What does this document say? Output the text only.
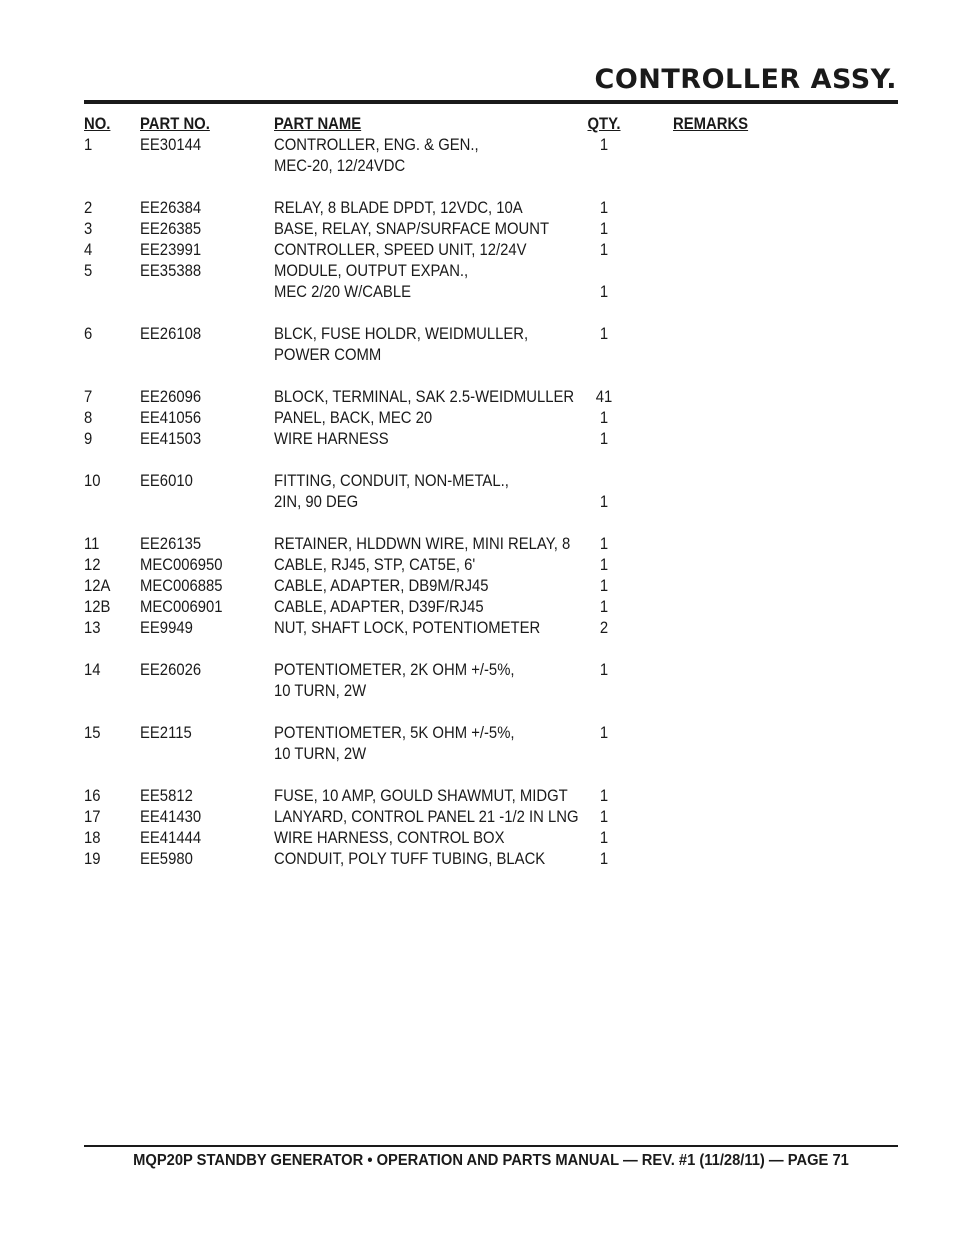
CONTROLLER ASSY.
NO. PART NO.	PART NAME	QTY.	REMARKS
1	EE30144	CONTROLLER, ENG. & GEN.,	1
MEC-20, 12/24VDC
2	EE26384	RELAY, 8 BLADE DPDT, 12VDC, 10A	1
3	EE26385	BASE, RELAY, SNAP/SURFACE MOUNT	1
4	EE23991	CONTROLLER, SPEED UNIT, 12/24V	1
5	EE35388	MODULE, OUTPUT EXPAN.,
MEC 2/20 W/CABLE	1
6	EE26108	BLCK, FUSE HOLDR, WEIDMULLER,	1
POWER COMM
7	EE26096	BLOCK, TERMINAL, SAK 2.5-WEIDMULLER	41
8	EE41056	PANEL, BACK, MEC 20	1
9	EE41503	WIRE HARNESS	1
10 EE6010	FITTING, CONDUIT, NON-METAL.,
2IN, 90 DEG	1
11 EE26135	RETAINER, HLDDWN WIRE, MINI RELAY, 8	1
12 MEC006950	CABLE, RJ45, STP, CAT5E, 6'	1
12A MEC006885	CABLE, ADAPTER, DB9M/RJ45	1
12B MEC006901	CABLE, ADAPTER, D39F/RJ45	1
13 EE9949	NUT, SHAFT LOCK, POTENTIOMETER	2
14 EE26026	POTENTIOMETER, 2K OHM +/-5%,	1
10 TURN, 2W
15 EE2115	POTENTIOMETER, 5K OHM +/-5%,	1
10 TURN, 2W
16 EE5812	FUSE, 10 AMP, GOULD SHAWMUT, MIDGT	1
17 EE41430	LANYARD, CONTROL PANEL 21 -1/2 IN LNG	1
18 EE41444	WIRE HARNESS, CONTROL BOX	1
19 EE5980	CONDUIT, POLY TUFF TUBING, BLACK	1
MQP20P STANDBY GENERATOR • OPERATION AND PARTS MANUAL — REV. #1 (11/28/11) — PAGE 71
